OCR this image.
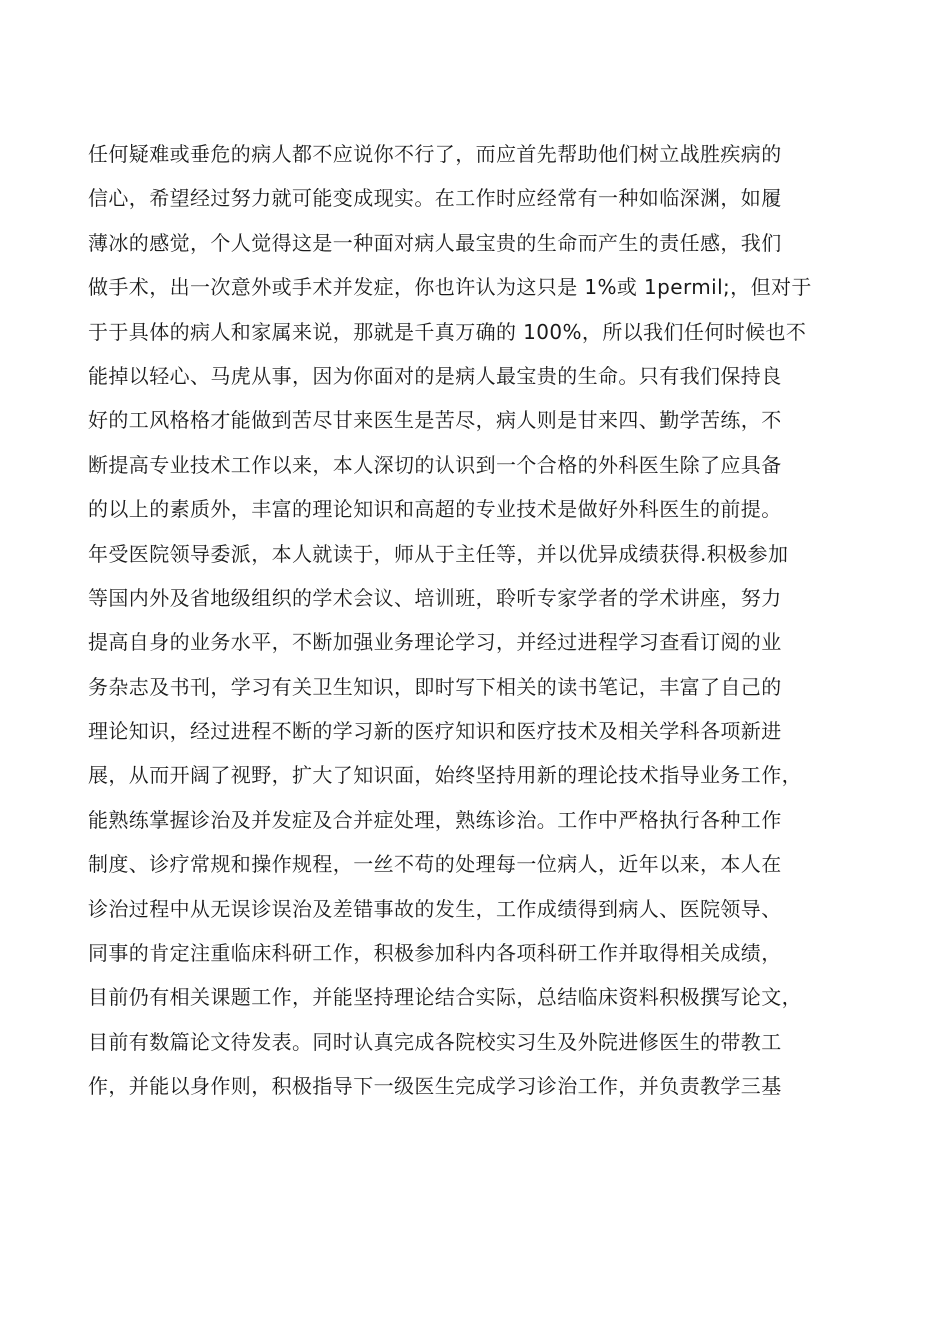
任何疑难或垂危的病人都不应说你不行了，而应首先帮助他们树立战胜疾病的
信心，希望经过努力就可能变成现实。在工作时应经常有一种如临深渊，如履
薄冰的感觉，个人觉得这是一种面对病人最宝贵的生命而产生的责任感，我们
做手术，出一次意外或手术并发症，你也许认为这只是 1%或 1permil;，但对于
于于具体的病人和家属来说，那就是千真万确的 100%，所以我们任何时候也不
能掉以轻心、马虎从事，因为你面对的是病人最宝贵的生命。只有我们保持良
好的工风格格才能做到苦尽甘来医生是苦尽，病人则是甘来四、勤学苦练，不
断提高专业技术工作以来，本人深切的认识到一个合格的外科医生除了应具备
的以上的素质外，丰富的理论知识和高超的专业技术是做好外科医生的前提。
年受医院领导委派，本人就读于，师从于主任等，并以优异成绩获得.积极参加
等国内外及省地级组织的学术会议、培训班，聆听专家学者的学术讲座，努力
提高自身的业务水平，不断加强业务理论学习，并经过进程学习查看订阅的业
务杂志及书刊，学习有关卫生知识，即时写下相关的读书笔记，丰富了自己的
理论知识，经过进程不断的学习新的医疗知识和医疗技术及相关学科各项新进
展，从而开阔了视野，扩大了知识面，始终坚持用新的理论技术指导业务工作，
能熟练掌握诊治及并发症及合并症处理，熟练诊治。工作中严格执行各种工作
制度、诊疗常规和操作规程，一丝不苟的处理每一位病人，近年以来，本人在
诊治过程中从无误诊误治及差错事故的发生，工作成绩得到病人、医院领导、
同事的肯定注重临床科研工作，积极参加科内各项科研工作并取得相关成绩，
目前仍有相关课题工作，并能坚持理论结合实际，总结临床资料积极撰写论文，
目前有数篇论文待发表。同时认真完成各院校实习生及外院进修医生的带教工
作，并能以身作则，积极指导下一级医生完成学习诊治工作，并负责教学三基
